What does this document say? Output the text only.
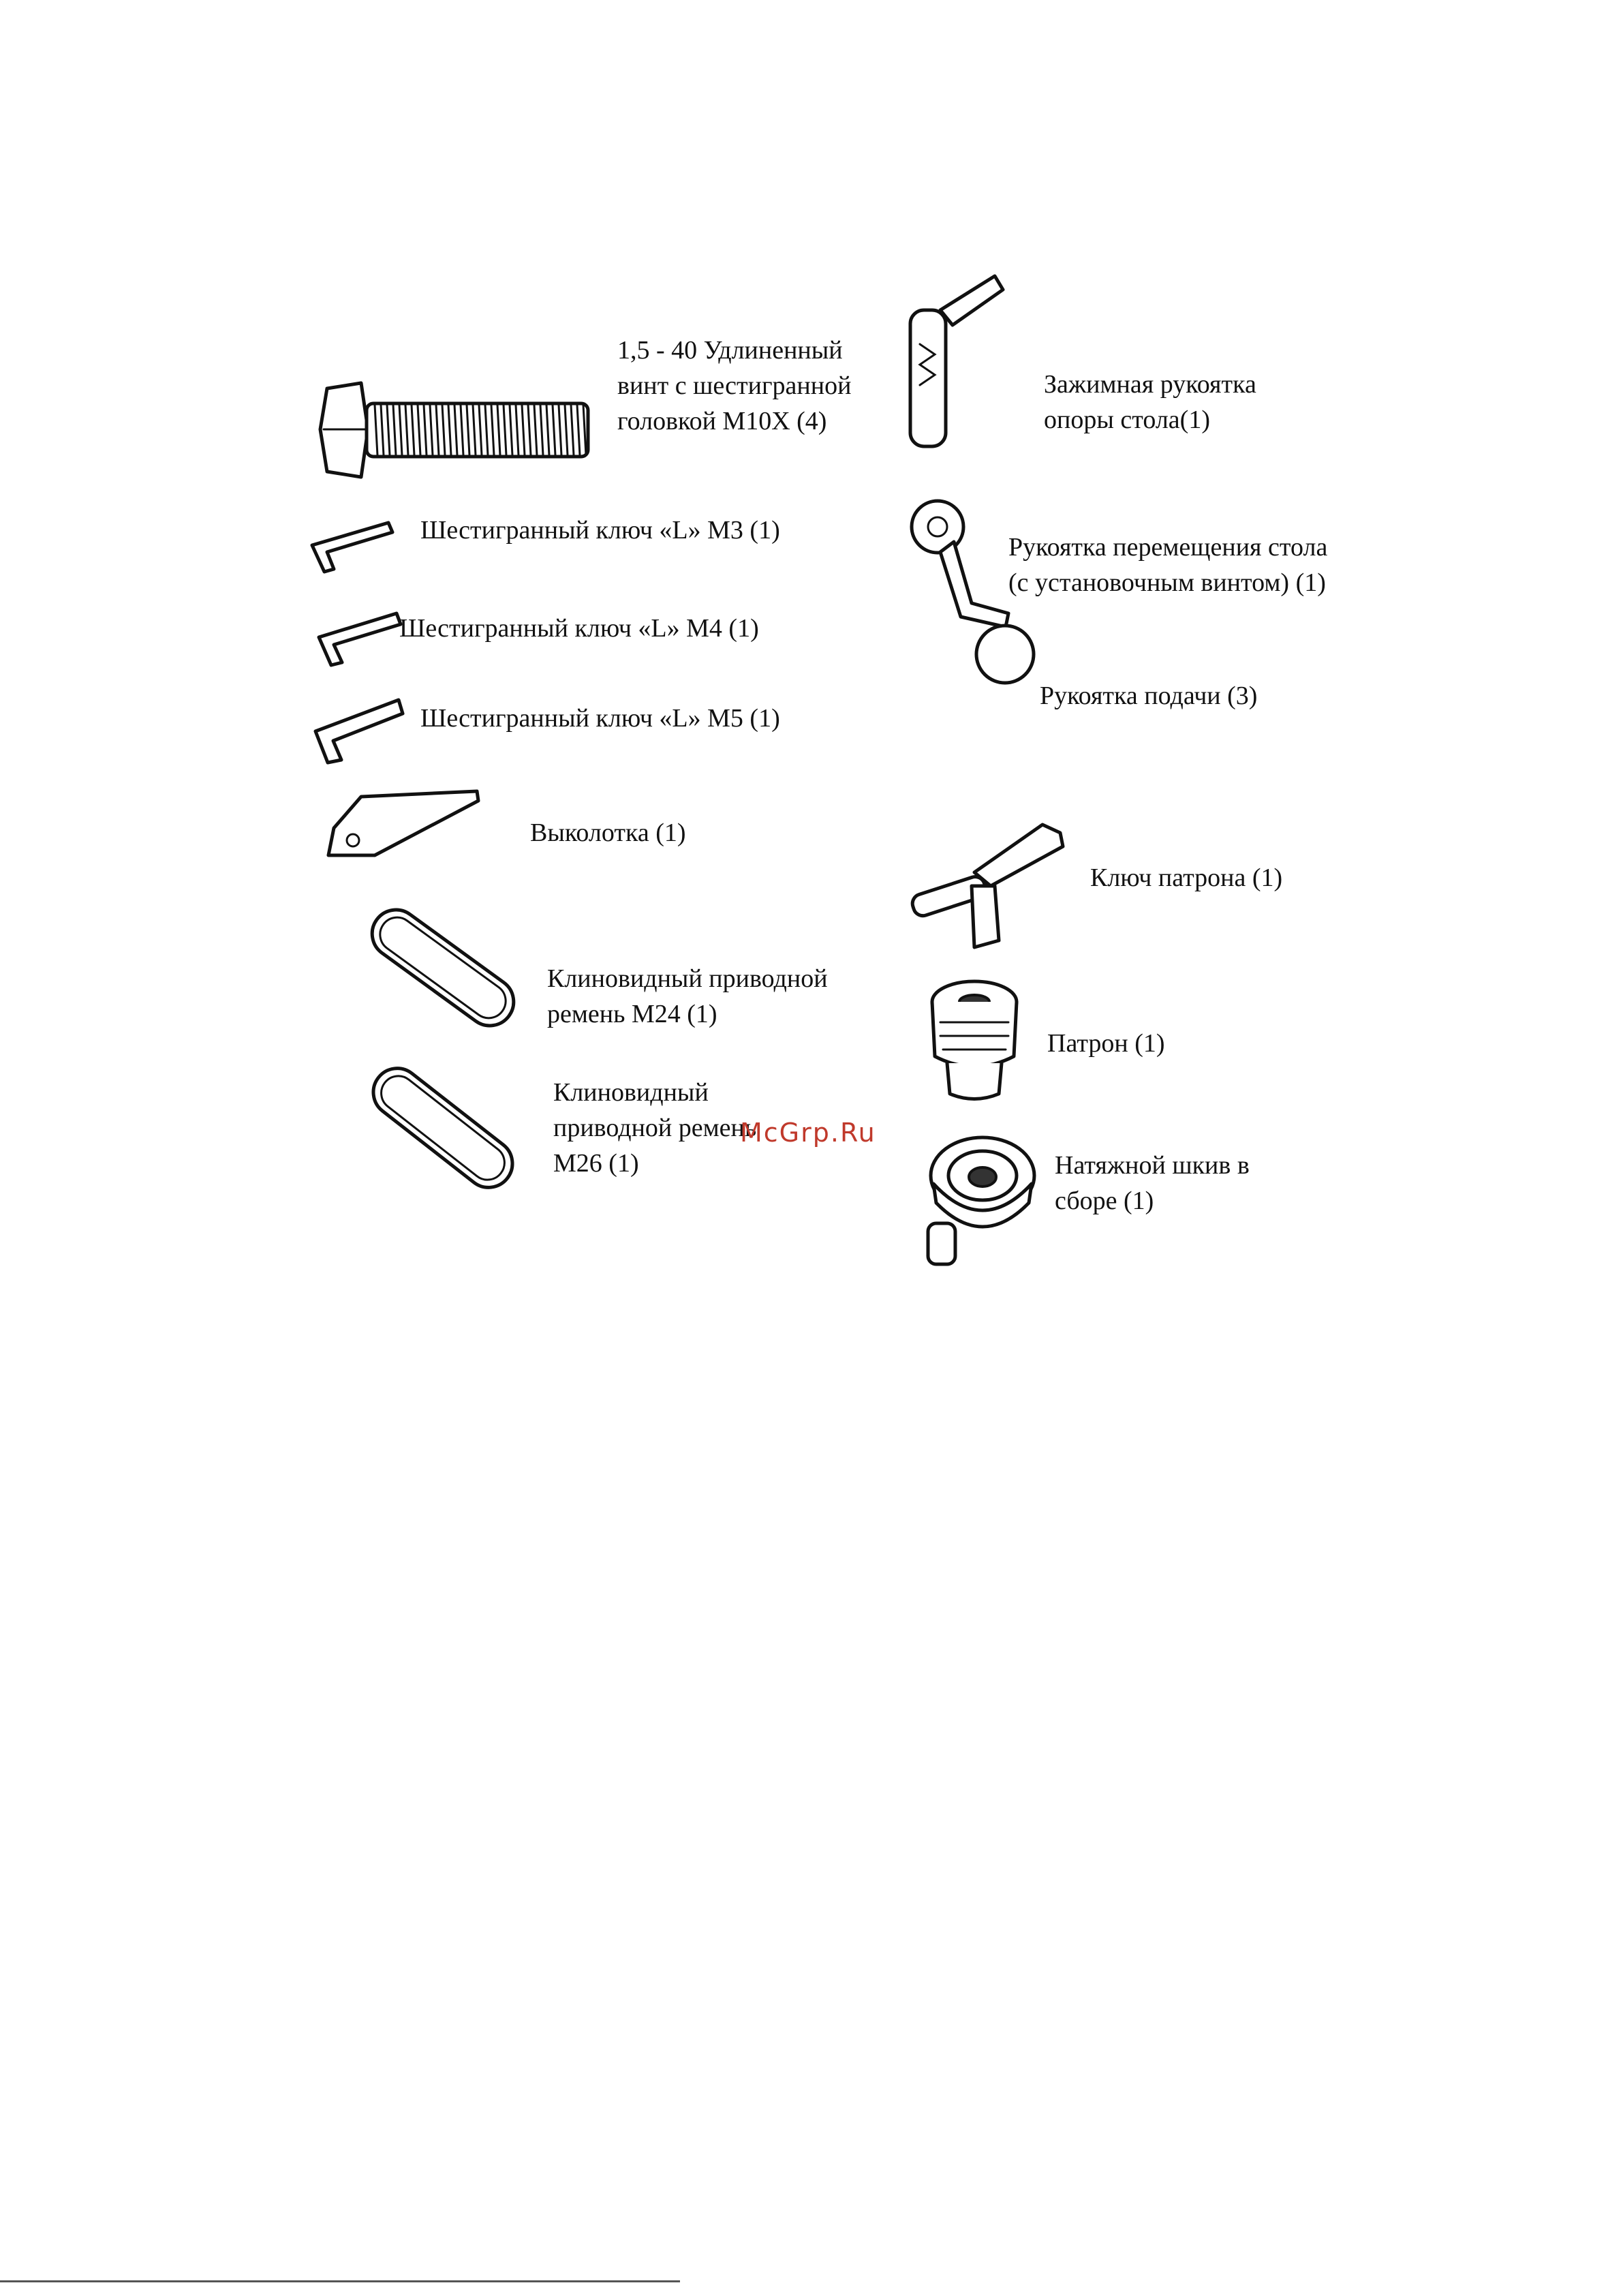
1,5 - 40 Удлиненный
винт с шестигранной
головкой M10X (4)
Шестигранный ключ «L» M3 (1)
Шестигранный ключ «L» M4 (1)
Шестигранный ключ «L» M5 (1)
Выколотка (1)
Клиновидный приводной
ремень M24 (1)
Клиновидный
приводной ремень
M26 (1)
Зажимная рукоятка
опоры стола(1)
Рукоятка перемещения стола
(с установочным винтом) (1)
Рукоятка подачи (3)
Ключ патрона (1)
Патрон (1)
Натяжной шкив в
сборе (1)
McGrp.Ru
